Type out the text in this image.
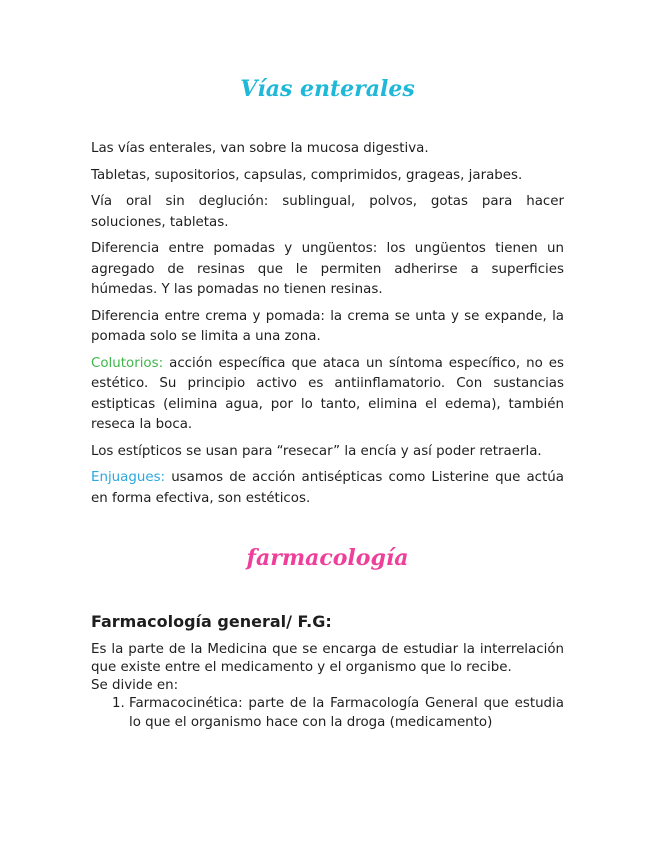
Vías enterales

Las vías enterales, van sobre la mucosa digestiva.

Tabletas, supositorios, capsulas, comprimidos, grageas, jarabes.

Vía oral sin deglución: sublingual, polvos, gotas para hacer soluciones, tabletas.

Diferencia entre pomadas y ungüentos: los ungüentos tienen un agregado de resinas que le permiten adherirse a superficies húmedas. Y las pomadas no tienen resinas.

Diferencia entre crema y pomada: la crema se unta y se expande, la pomada solo se limita a una zona.

Colutorios: acción específica que ataca un síntoma específico, no es estético. Su principio activo es antiinflamatorio. Con sustancias estipticas (elimina agua, por lo tanto, elimina el edema), también reseca la boca.

Los estípticos se usan para “resecar” la encía y así poder retraerla.

Enjuagues: usamos de acción antisépticas como Listerine que actúa en forma efectiva, son estéticos.

farmacología
Farmacología general/ F.G:

Es la parte de la Medicina que se encarga de estudiar la interrelación que existe entre el medicamento y el organismo que lo recibe.

Se divide en:

1. Farmacocinética: parte de la Farmacología General que estudia lo que el organismo hace con la droga (medicamento)
